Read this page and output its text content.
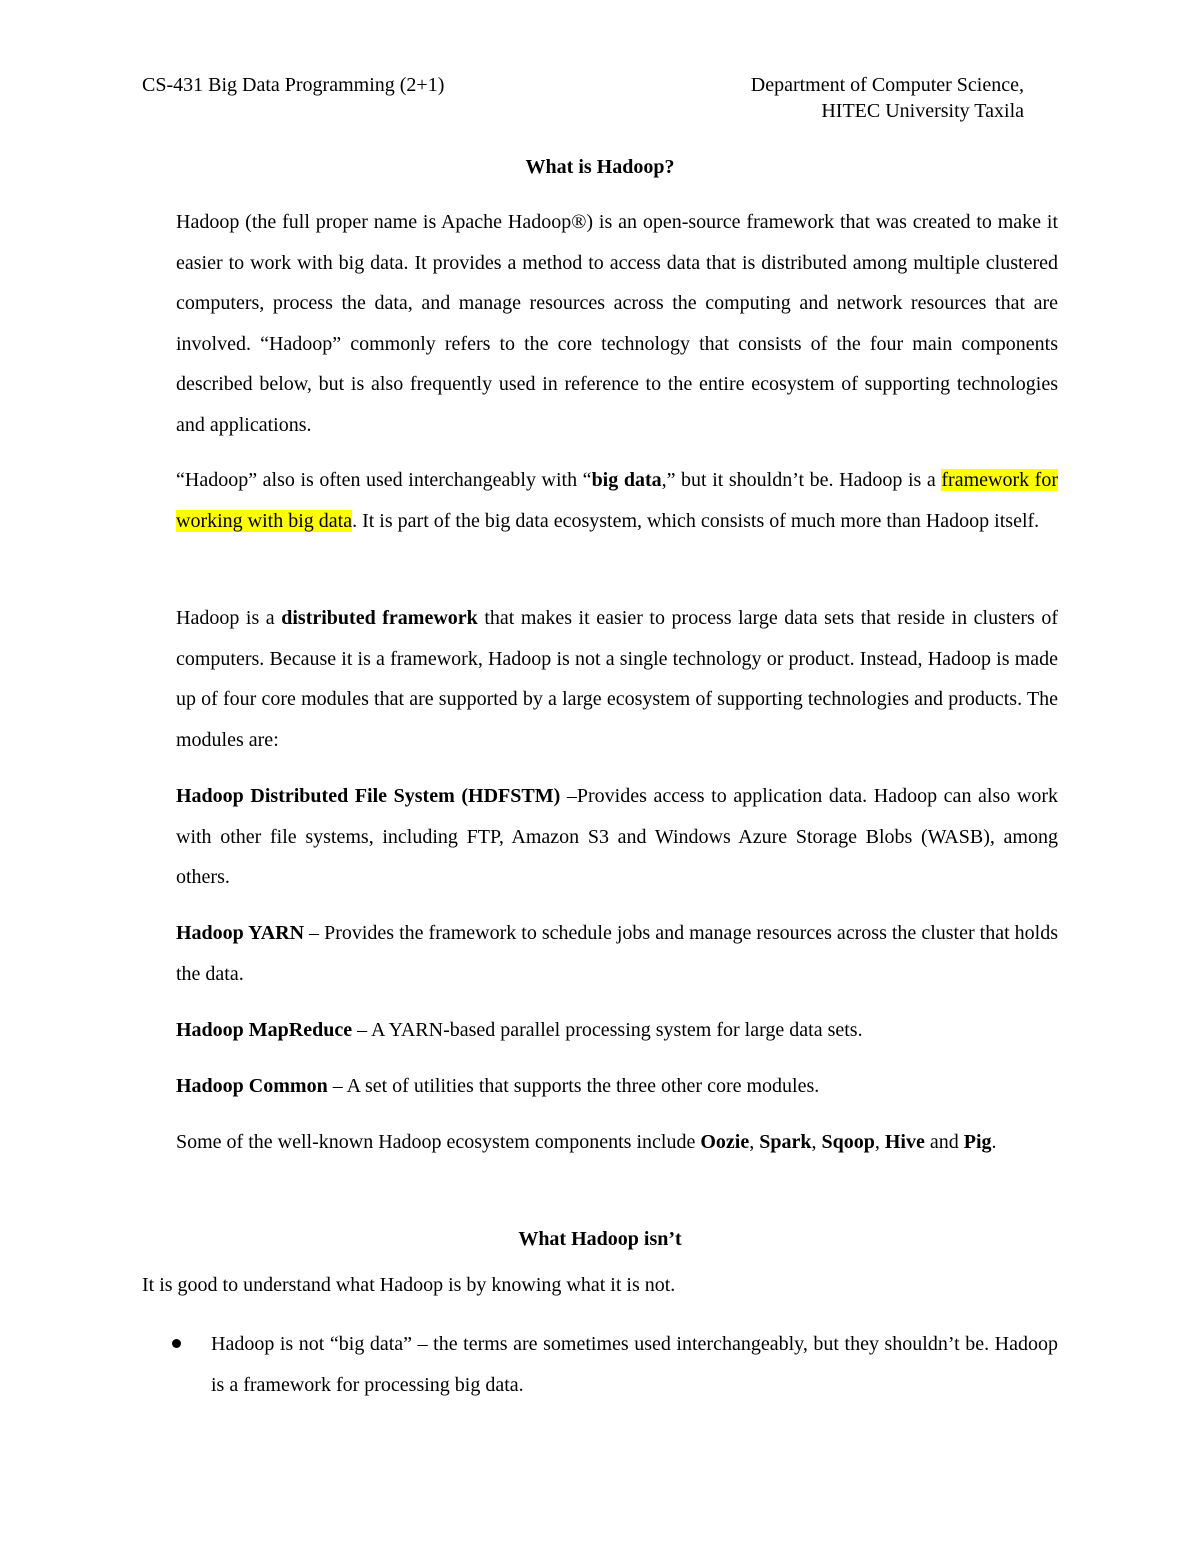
CS-431 Big Data Programming (2+1)	Department of Computer Science,
HITEC University Taxila
What is Hadoop?
Hadoop (the full proper name is Apache Hadoop®) is an open-source framework that was created to make it easier to work with big data. It provides a method to access data that is distributed among multiple clustered computers, process the data, and manage resources across the computing and network resources that are involved. “Hadoop” commonly refers to the core technology that consists of the four main components described below, but is also frequently used in reference to the entire ecosystem of supporting technologies and applications.
“Hadoop” also is often used interchangeably with “big data,” but it shouldn’t be. Hadoop is a framework for working with big data. It is part of the big data ecosystem, which consists of much more than Hadoop itself.
Hadoop is a distributed framework that makes it easier to process large data sets that reside in clusters of computers. Because it is a framework, Hadoop is not a single technology or product. Instead, Hadoop is made up of four core modules that are supported by a large ecosystem of supporting technologies and products. The modules are:
Hadoop Distributed File System (HDFSTM) –Provides access to application data. Hadoop can also work with other file systems, including FTP, Amazon S3 and Windows Azure Storage Blobs (WASB), among others.
Hadoop YARN – Provides the framework to schedule jobs and manage resources across the cluster that holds the data.
Hadoop MapReduce – A YARN-based parallel processing system for large data sets.
Hadoop Common – A set of utilities that supports the three other core modules.
Some of the well-known Hadoop ecosystem components include Oozie, Spark, Sqoop, Hive and Pig.
What Hadoop isn’t
It is good to understand what Hadoop is by knowing what it is not.
Hadoop is not “big data” – the terms are sometimes used interchangeably, but they shouldn’t be. Hadoop is a framework for processing big data.
